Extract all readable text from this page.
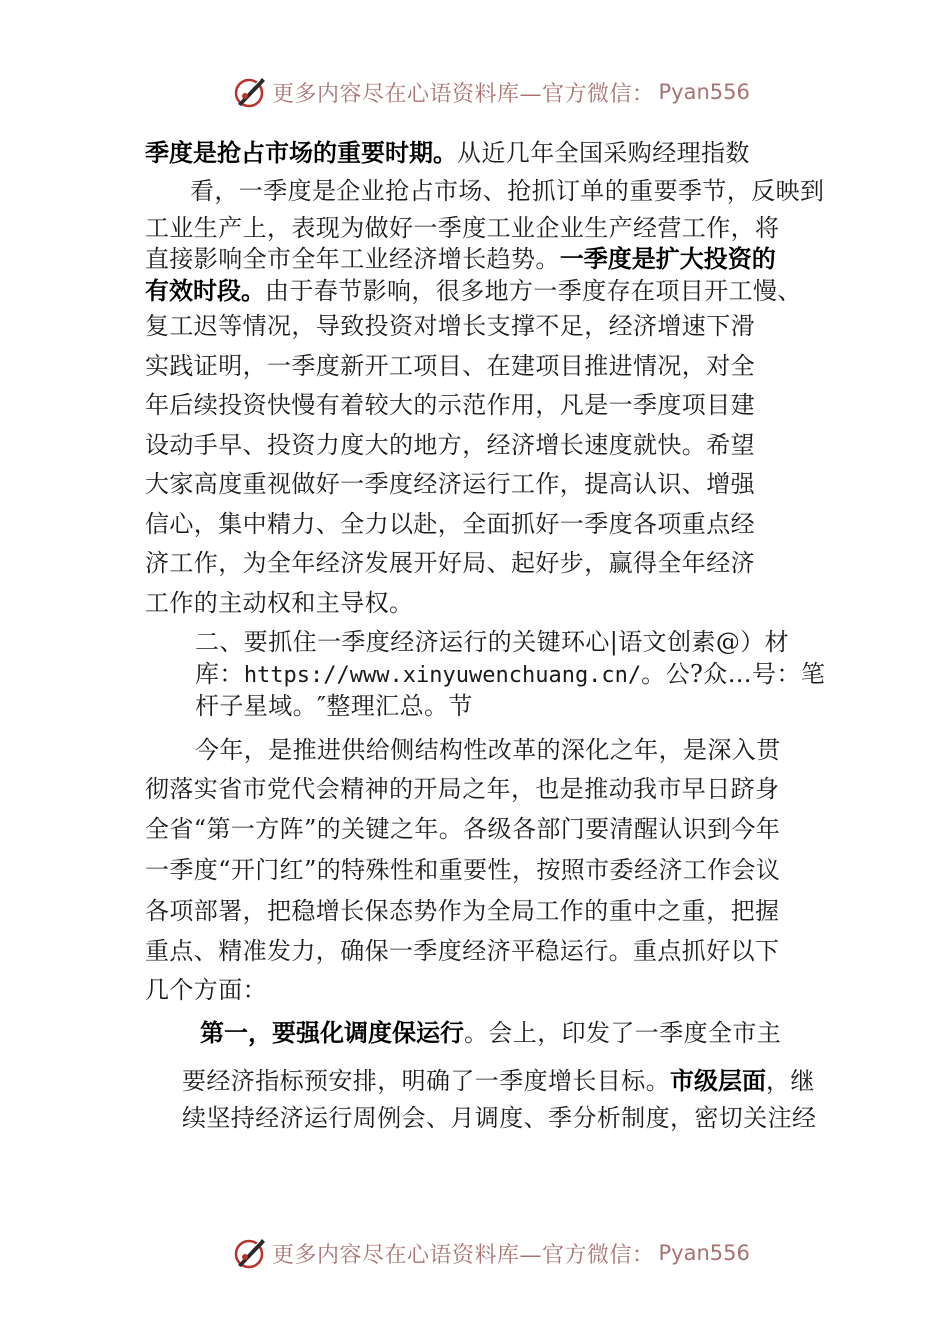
更多内容尽在心语资料库—官方微信： Pyan556
季度是抢占市场的重要时期。从近几年全国采购经理指数
看，一季度是企业抢占市场、抢抓订单的重要季节，反映到
工业生产上，表现为做好一季度工业企业生产经营工作，将
直接影响全市全年工业经济增长趋势。一季度是扩大投资的
有效时段。由于春节影响，很多地方一季度存在项目开工慢、
复工迟等情况，导致投资对增长支撑不足，经济增速下滑
实践证明，一季度新开工项目、在建项目推进情况，对全
年后续投资快慢有着较大的示范作用，凡是一季度项目建
设动手早、投资力度大的地方，经济增长速度就快。希望
大家高度重视做好一季度经济运行工作，提高认识、增强
信心，集中精力、全力以赴，全面抓好一季度各项重点经
济工作，为全年经济发展开好局、起好步，赢得全年经济
工作的主动权和主导权。
二、要抓住一季度经济运行的关键环心|语文创素@）材
库：https://www.xinyuwenchuang.cn/。公?众…号：笔
杆子星域。″整理汇总。节
今年，是推进供给侧结构性改革的深化之年，是深入贯
彻落实省市党代会精神的开局之年，也是推动我市早日跻身
全省“第一方阵”的关键之年。各级各部门要清醒认识到今年
一季度“开门红”的特殊性和重要性，按照市委经济工作会议
各项部署，把稳增长保态势作为全局工作的重中之重，把握
重点、精准发力，确保一季度经济平稳运行。重点抓好以下
几个方面：
第一，要强化调度保运行。会上，印发了一季度全市主
要经济指标预安排，明确了一季度增长目标。市级层面，继
续坚持经济运行周例会、月调度、季分析制度，密切关注经
更多内容尽在心语资料库—官方微信： Pyan556
